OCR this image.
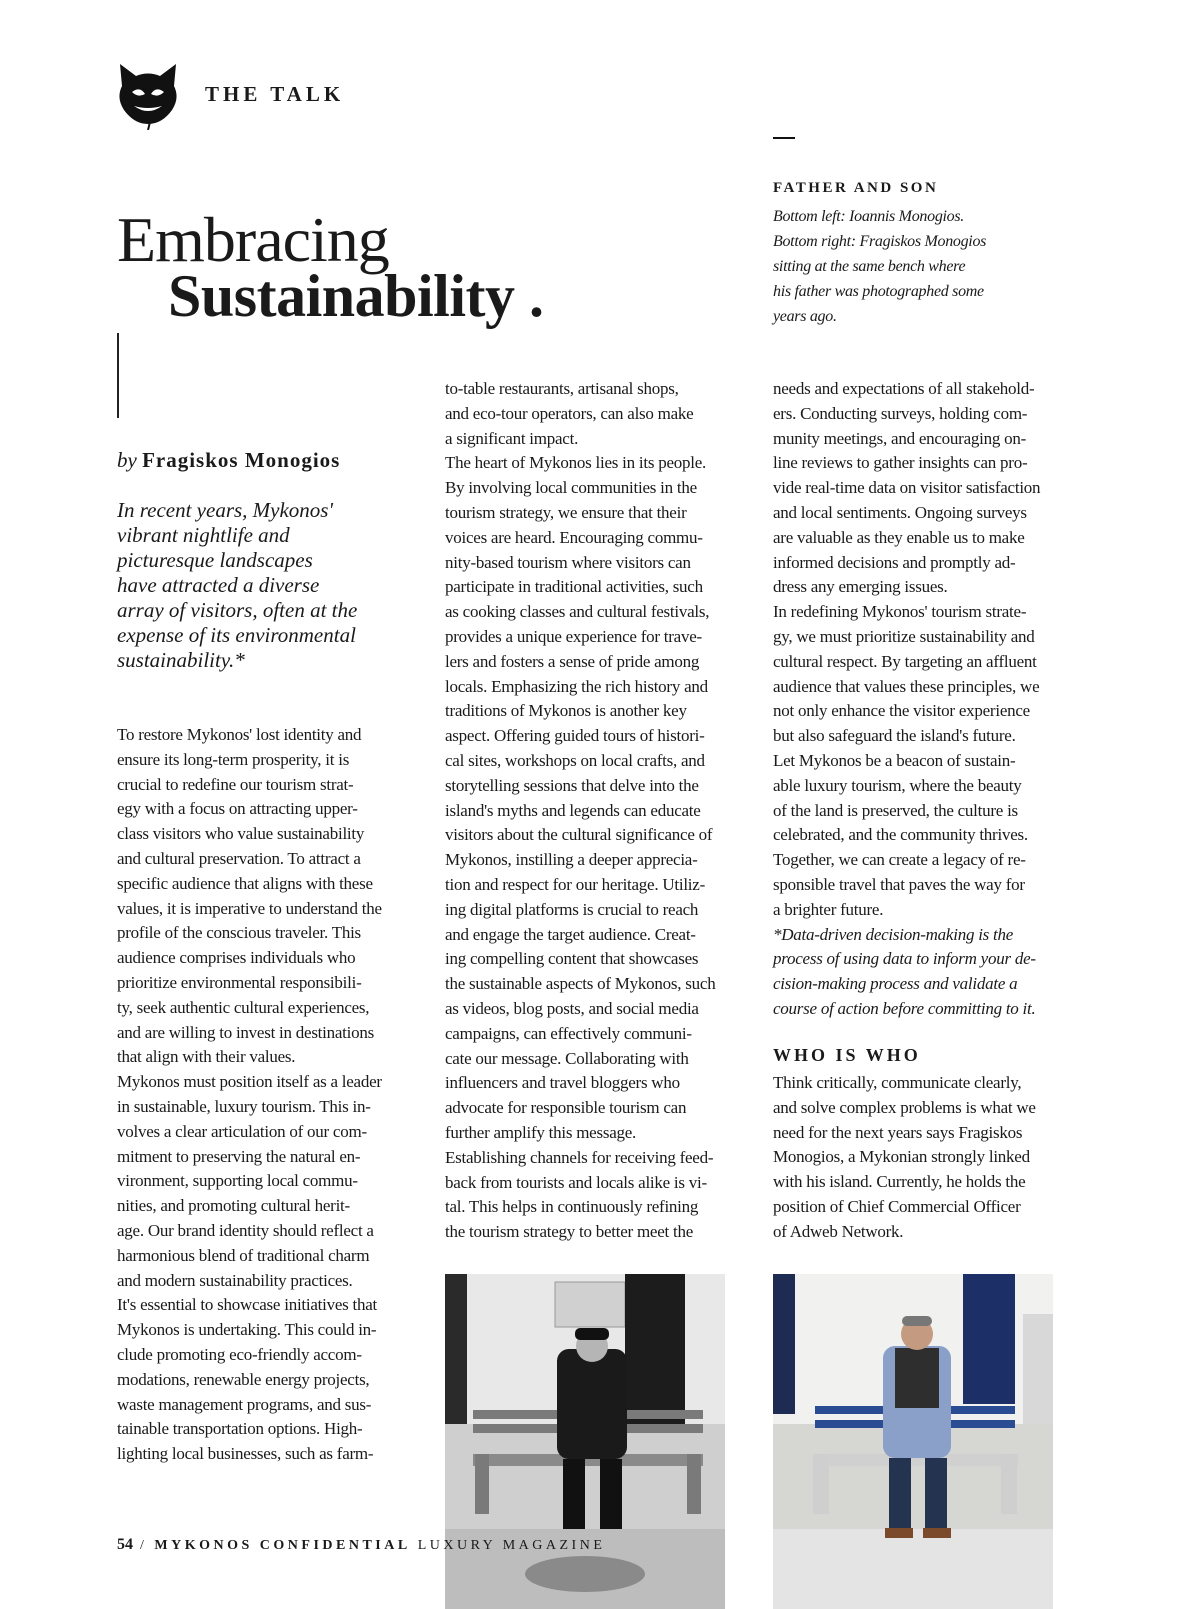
THE TALK
FATHER AND SON
Bottom left: Ioannis Monogios.
Bottom right: Fragiskos Monogios
sitting at the same bench where
his father was photographed some
years ago.
Embracing
Sustainability .
by Fragiskos Monogios
In recent years, Mykonos'
vibrant nightlife and
picturesque landscapes
have attracted a diverse
array of visitors, often at the
expense of its environmental
sustainability.*
To restore Mykonos' lost identity and
ensure its long-term prosperity, it is
crucial to redefine our tourism strat-
egy with a focus on attracting upper-
class visitors who value sustainability
and cultural preservation. To attract a
specific audience that aligns with these
values, it is imperative to understand the
profile of the conscious traveler. This
audience comprises individuals who
prioritize environmental responsibili-
ty, seek authentic cultural experiences,
and are willing to invest in destinations
that align with their values.
Mykonos must position itself as a leader
in sustainable, luxury tourism. This in-
volves a clear articulation of our com-
mitment to preserving the natural en-
vironment, supporting local commu-
nities, and promoting cultural herit-
age. Our brand identity should reflect a
harmonious blend of traditional charm
and modern sustainability practices.
It's essential to showcase initiatives that
Mykonos is undertaking. This could in-
clude promoting eco-friendly accom-
modations, renewable energy projects,
waste management programs, and sus-
tainable transportation options. High-
lighting local businesses, such as farm-
to-table restaurants, artisanal shops,
and eco-tour operators, can also make
a significant impact.
The heart of Mykonos lies in its people.
By involving local communities in the
tourism strategy, we ensure that their
voices are heard. Encouraging commu-
nity-based tourism where visitors can
participate in traditional activities, such
as cooking classes and cultural festivals,
provides a unique experience for trave-
lers and fosters a sense of pride among
locals. Emphasizing the rich history and
traditions of Mykonos is another key
aspect. Offering guided tours of histori-
cal sites, workshops on local crafts, and
storytelling sessions that delve into the
island's myths and legends can educate
visitors about the cultural significance of
Mykonos, instilling a deeper apprecia-
tion and respect for our heritage. Utiliz-
ing digital platforms is crucial to reach
and engage the target audience. Creat-
ing compelling content that showcases
the sustainable aspects of Mykonos, such
as videos, blog posts, and social media
campaigns, can effectively communi-
cate our message. Collaborating with
influencers and travel bloggers who
advocate for responsible tourism can
further amplify this message.
Establishing channels for receiving feed-
back from tourists and locals alike is vi-
tal. This helps in continuously refining
the tourism strategy to better meet the
needs and expectations of all stakehold-
ers. Conducting surveys, holding com-
munity meetings, and encouraging on-
line reviews to gather insights can pro-
vide real-time data on visitor satisfaction
and local sentiments. Ongoing surveys
are valuable as they enable us to make
informed decisions and promptly ad-
dress any emerging issues.
In redefining Mykonos' tourism strate-
gy, we must prioritize sustainability and
cultural respect. By targeting an affluent
audience that values these principles, we
not only enhance the visitor experience
but also safeguard the island's future.
Let Mykonos be a beacon of sustain-
able luxury tourism, where the beauty
of the land is preserved, the culture is
celebrated, and the community thrives.
Together, we can create a legacy of re-
sponsible travel that paves the way for
a brighter future.
*Data-driven decision-making is the
process of using data to inform your de-
cision-making process and validate a
course of action before committing to it.
WHO IS WHO
Think critically, communicate clearly,
and solve complex problems is what we
need for the next years says Fragiskos
Monogios, a Mykonian strongly linked
with his island. Currently, he holds the
position of Chief Commercial Officer
of Adweb Network.
54 / MYKONOS CONFIDENTIAL LUXURY MAGAZINE
